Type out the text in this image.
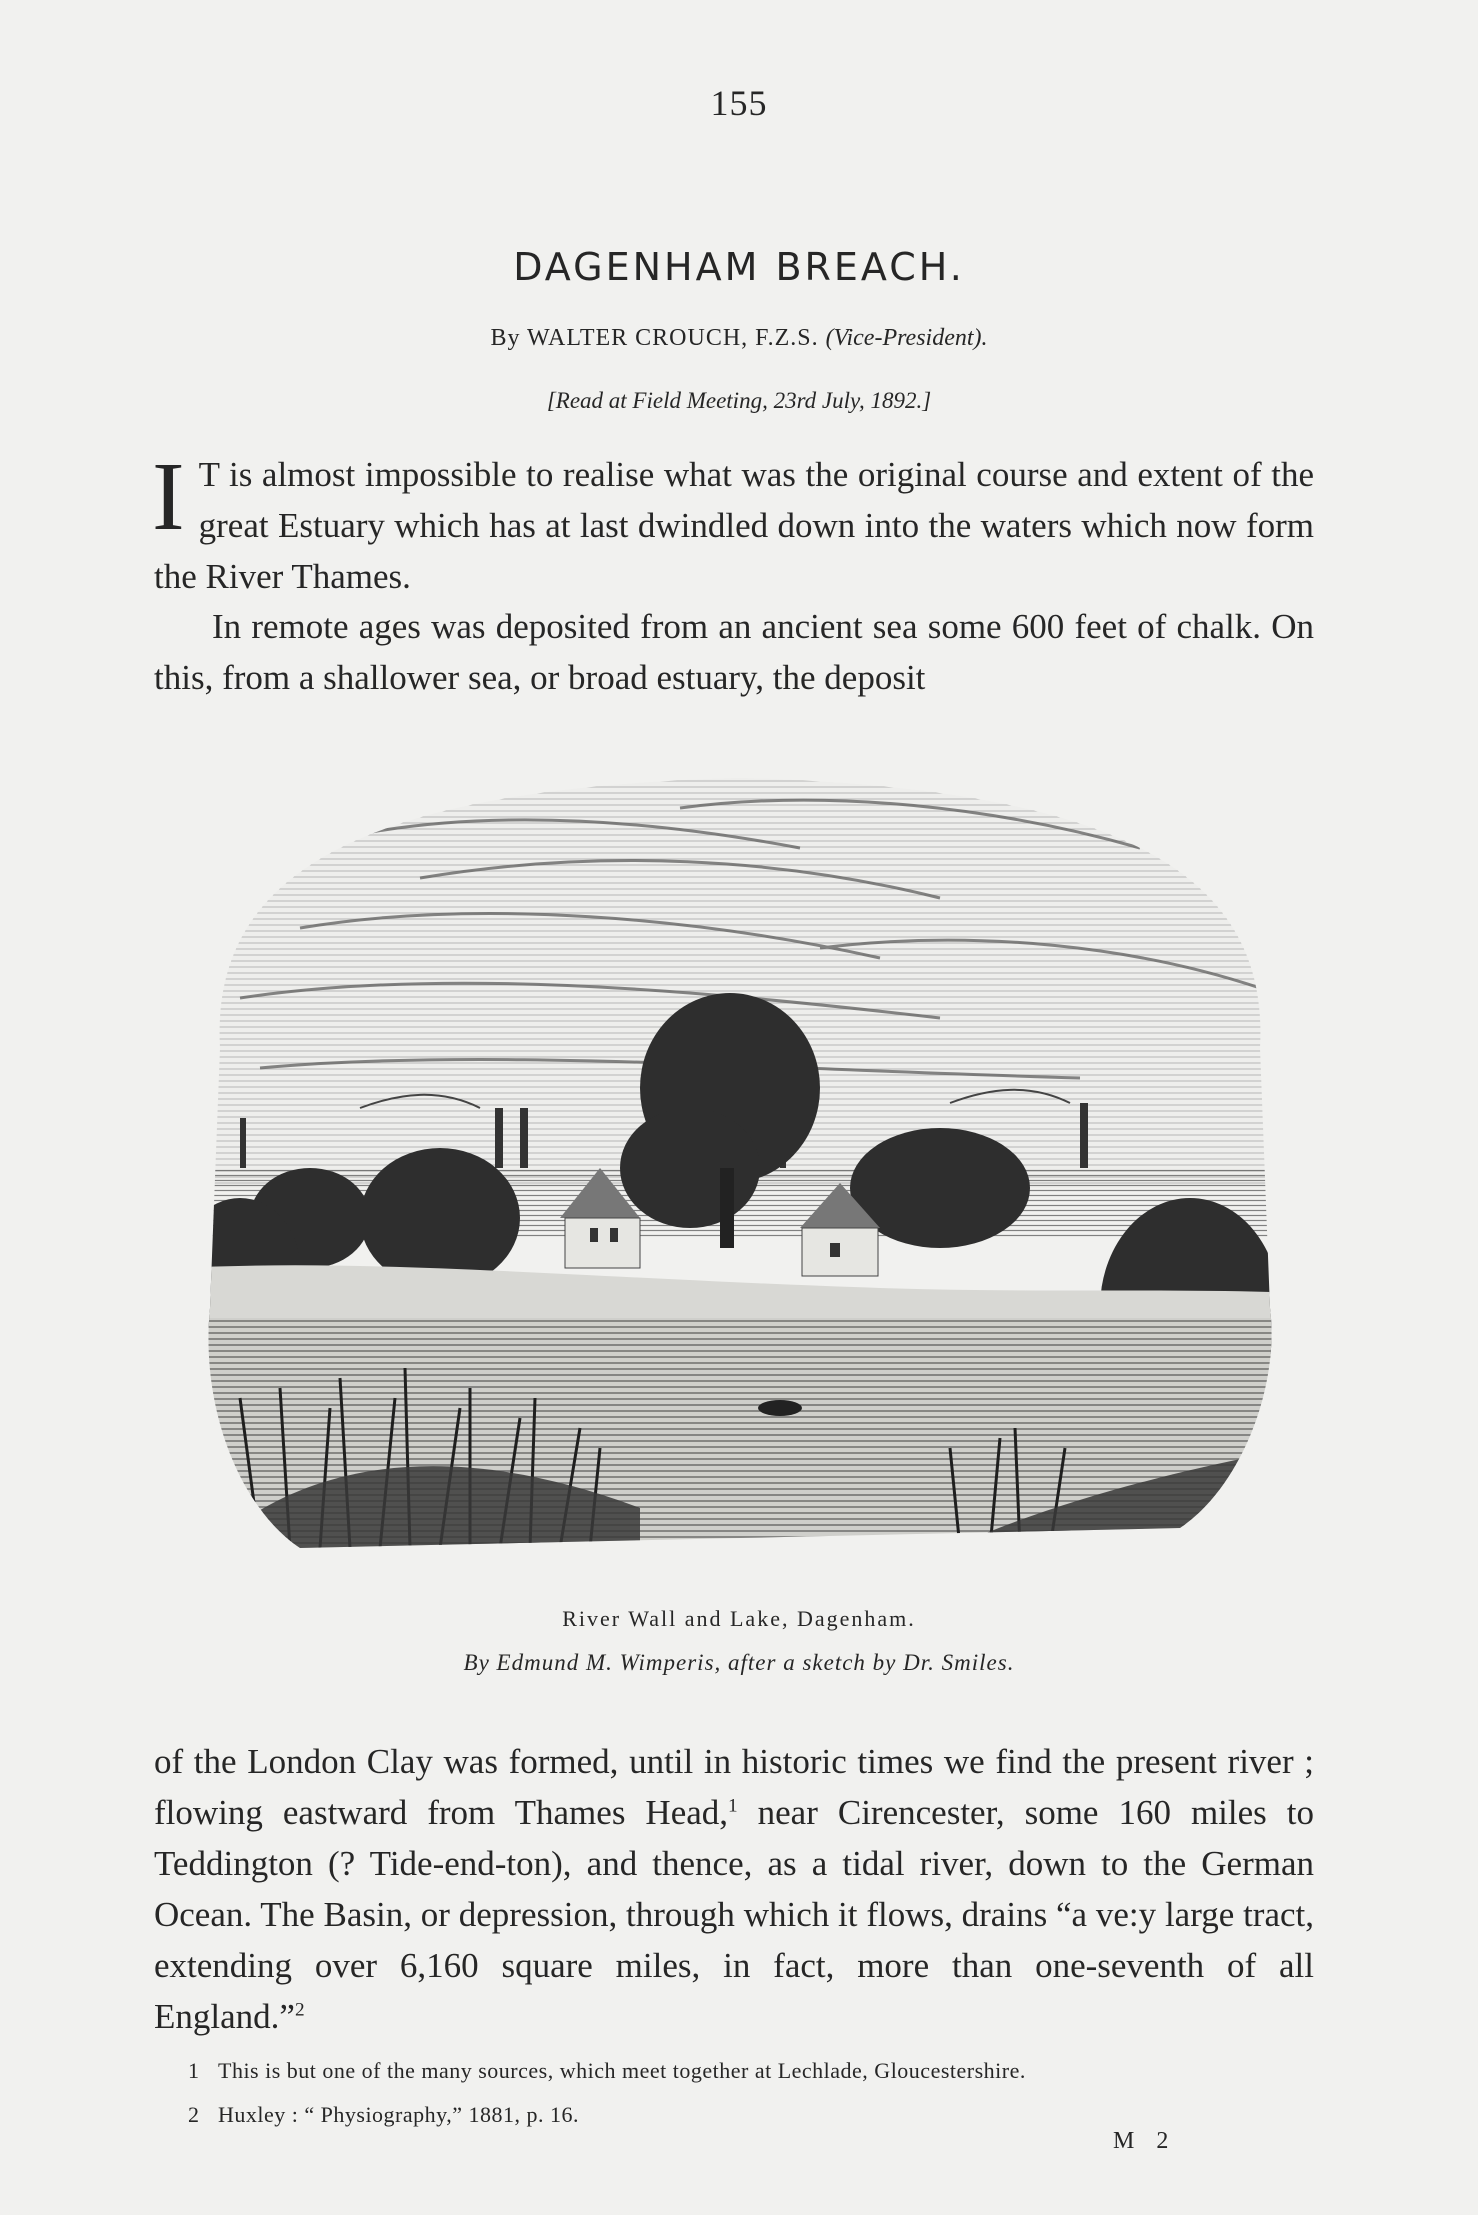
155
DAGENHAM BREACH.
By WALTER CROUCH, F.Z.S. (Vice-President).
[Read at Field Meeting, 23rd July, 1892.]
I T is almost impossible to realise what was the original course and extent of the great Estuary which has at last dwindled down into the waters which now form the River Thames.
In remote ages was deposited from an ancient sea some 600 feet of chalk. On this, from a shallower sea, or broad estuary, the deposit
River Wall and Lake, Dagenham.
By Edmund M. Wimperis, after a sketch by Dr. Smiles.
of the London Clay was formed, until in historic times we find the present river ; flowing eastward from Thames Head,$^1$ near Cirencester, some 160 miles to Teddington (? Tide-end-ton), and thence, as a tidal river, down to the German Ocean. The Basin, or depression, through which it flows, drains “a ve:y large tract, extending over 6,160 square miles, in fact, more than one-seventh of all England.”$^2$
1 This is but one of the many sources, which meet together at Lechlade, Gloucestershire.
2 Huxley : “ Physiography,” 1881, p. 16.
M 2
